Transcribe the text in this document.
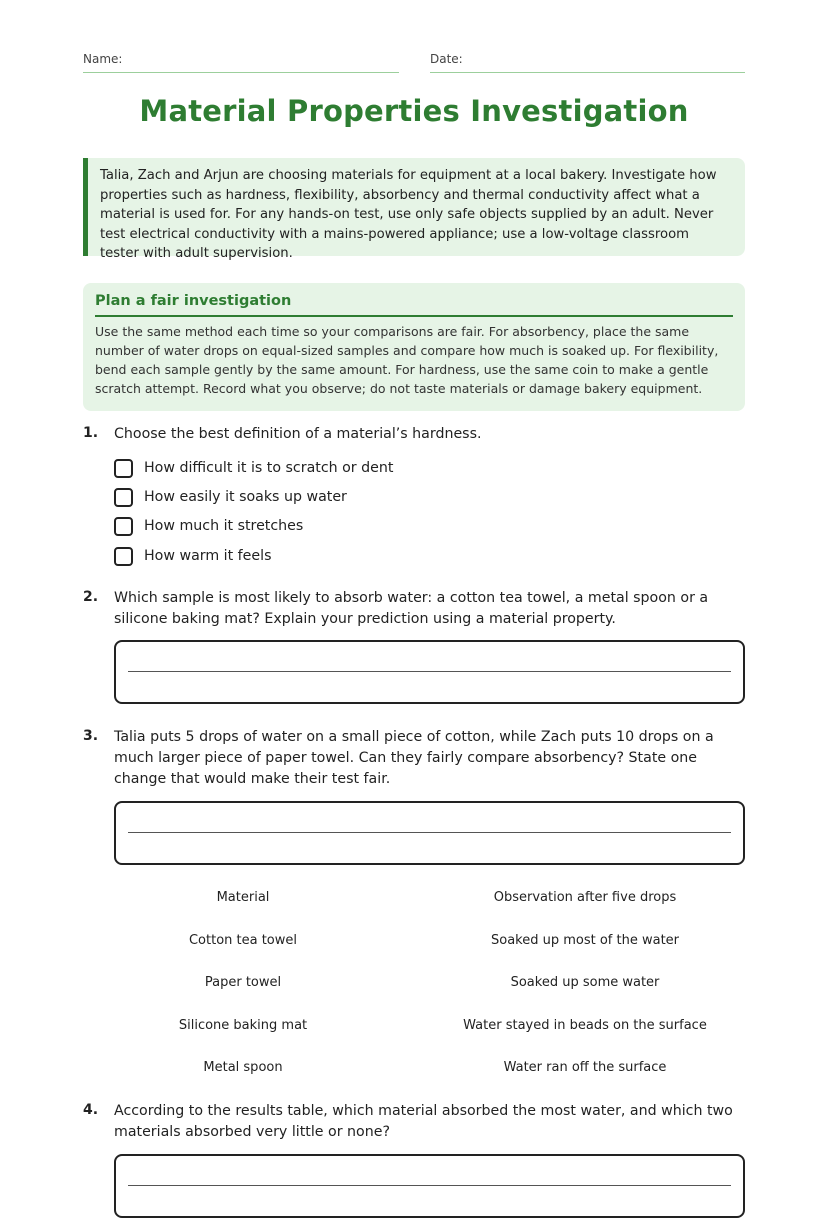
Name:	Date:
Material Properties Investigation
Talia, Zach and Arjun are choosing materials for equipment at a local bakery. Investigate how properties such as hardness, flexibility, absorbency and thermal conductivity affect what a material is used for. For any hands-on test, use only safe objects supplied by an adult. Never test electrical conductivity with a mains-powered appliance; use a low-voltage classroom tester with adult supervision.
Plan a fair investigation
Use the same method each time so your comparisons are fair. For absorbency, place the same number of water drops on equal-sized samples and compare how much is soaked up. For flexibility, bend each sample gently by the same amount. For hardness, use the same coin to make a gentle scratch attempt. Record what you observe; do not taste materials or damage bakery equipment.
1. Choose the best definition of a material’s hardness.
How difficult it is to scratch or dent
How easily it soaks up water
How much it stretches
How warm it feels
2. Which sample is most likely to absorb water: a cotton tea towel, a metal spoon or a silicone baking mat? Explain your prediction using a material property.
3. Talia puts 5 drops of water on a small piece of cotton, while Zach puts 10 drops on a much larger piece of paper towel. Can they fairly compare absorbency? State one change that would make their test fair.
Material	Observation after five drops
Cotton tea towel	Soaked up most of the water
Paper towel	Soaked up some water
Silicone baking mat	Water stayed in beads on the surface
Metal spoon	Water ran off the surface
4. According to the results table, which material absorbed the most water, and which two materials absorbed very little or none?
